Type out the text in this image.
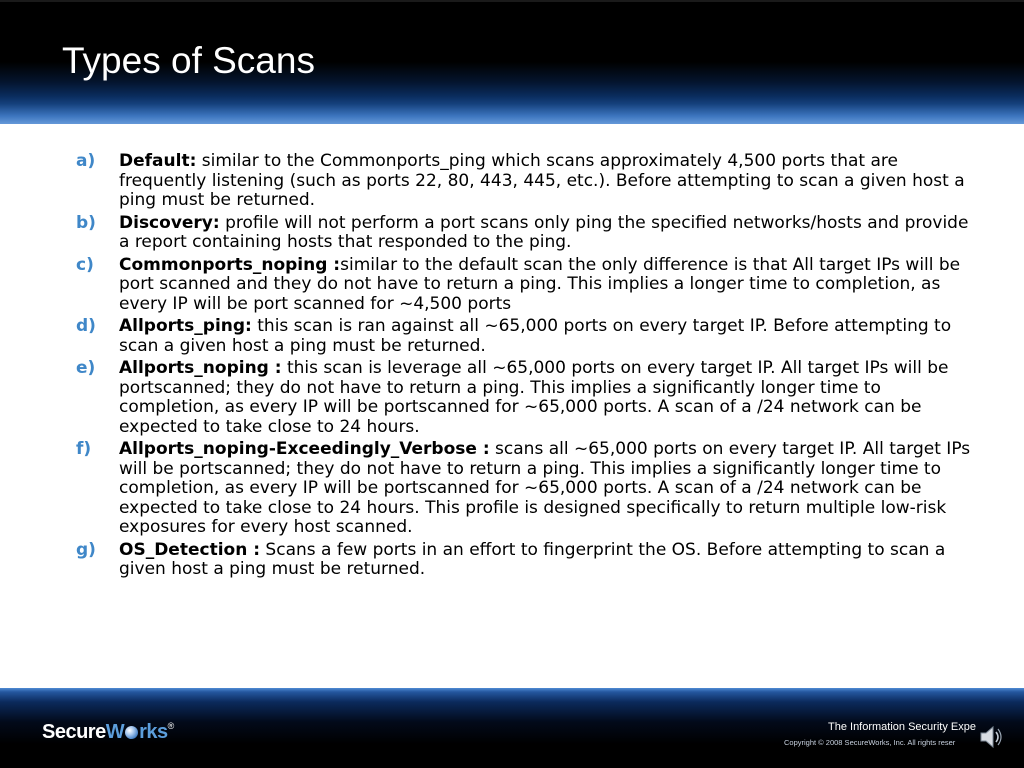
Types of Scans
a)	Default: similar to the Commonports_ping which scans approximately 4,500 ports that are frequently listening (such as ports 22, 80, 443, 445, etc.). Before attempting to scan a given host a ping must be returned.
b)	Discovery: profile will not perform a port scans only ping the specified networks/hosts and provide a report containing hosts that responded to the ping.
c)	Commonports_noping :similar to the default scan the only difference is that All target IPs will be port scanned and they do not have to return a ping. This implies a longer time to completion, as every IP will be port scanned for ~4,500 ports
d)	Allports_ping: this scan is ran against all ~65,000 ports on every target IP. Before attempting to scan a given host a ping must be returned.
e)	Allports_noping : this scan is leverage all ~65,000 ports on every target IP. All target IPs will be portscanned; they do not have to return a ping. This implies a significantly longer time to completion, as every IP will be portscanned for ~65,000 ports. A scan of a /24 network can be expected to take close to 24 hours.
f)	Allports_noping-Exceedingly_Verbose : scans all ~65,000 ports on every target IP. All target IPs will be portscanned; they do not have to return a ping. This implies a significantly longer time to completion, as every IP will be portscanned for ~65,000 ports. A scan of a /24 network can be expected to take close to 24 hours. This profile is designed specifically to return multiple low-risk exposures for every host scanned.
g)	OS_Detection : Scans a few ports in an effort to fingerprint the OS. Before attempting to scan a given host a ping must be returned.
SecureW rks®	The Information Security Expe
Copyright © 2008 SecureWorks, Inc. All rights reser
